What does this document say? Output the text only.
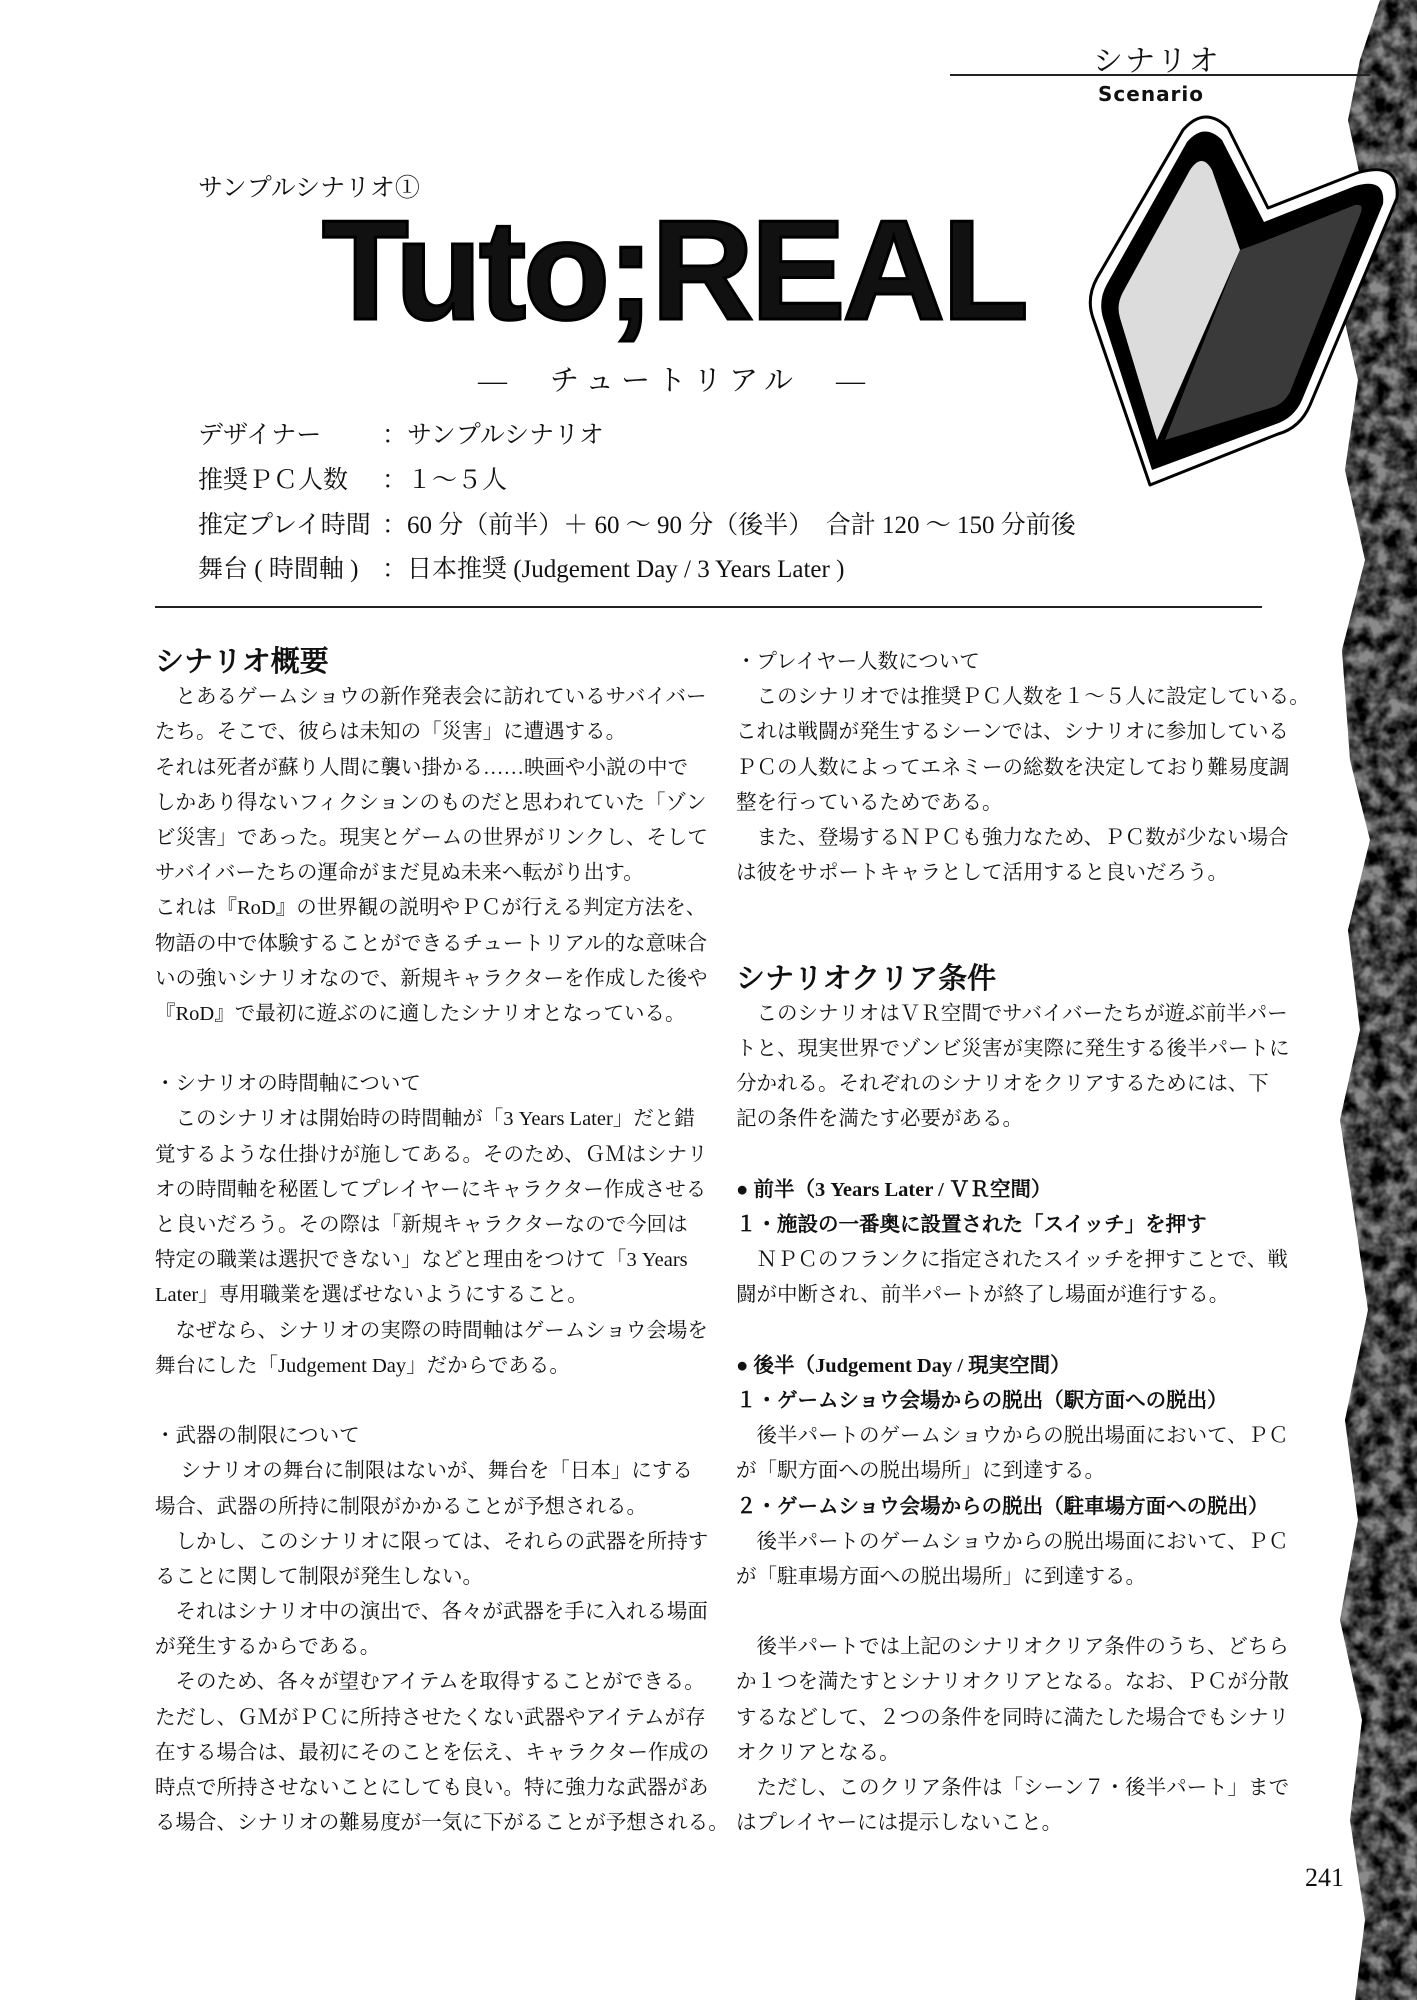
シナリオ
Scenario
サンプルシナリオ①
Tuto;REAL
―　チュートリアル　―
デザイナー ：サンプルシナリオ
推奨ＰＣ人数 ：１～５人
推定プレイ時間 ：60 分（前半）＋ 60 ～ 90 分（後半）　合計 120 ～ 150 分前後
舞台 ( 時間軸 ) ：日本推奨 (Judgement Day / 3 Years Later )
シナリオ概要
　とあるゲームショウの新作発表会に訪れているサバイバー
たち。そこで、彼らは未知の「災害」に遭遇する。
それは死者が蘇り人間に襲い掛かる……映画や小説の中で
しかあり得ないフィクションのものだと思われていた「ゾン
ビ災害」であった。現実とゲームの世界がリンクし、そして
サバイバーたちの運命がまだ見ぬ未来へ転がり出す。
これは『RoD』の世界観の説明やＰＣが行える判定方法を、
物語の中で体験することができるチュートリアル的な意味合
いの強いシナリオなので、新規キャラクターを作成した後や
『RoD』で最初に遊ぶのに適したシナリオとなっている。
・シナリオの時間軸について
　このシナリオは開始時の時間軸が「3 Years Later」だと錯
覚するような仕掛けが施してある。そのため、ＧＭはシナリ
オの時間軸を秘匿してプレイヤーにキャラクター作成させる
と良いだろう。その際は「新規キャラクターなので今回は
特定の職業は選択できない」などと理由をつけて「3 Years
Later」専用職業を選ばせないようにすること。
　なぜなら、シナリオの実際の時間軸はゲームショウ会場を
舞台にした「Judgement Day」だからである。
・武器の制限について
　 シナリオの舞台に制限はないが、舞台を「日本」にする
場合、武器の所持に制限がかかることが予想される。
　しかし、このシナリオに限っては、それらの武器を所持す
ることに関して制限が発生しない。
　それはシナリオ中の演出で、各々が武器を手に入れる場面
が発生するからである。
　そのため、各々が望むアイテムを取得することができる。
ただし、ＧＭがＰＣに所持させたくない武器やアイテムが存
在する場合は、最初にそのことを伝え、キャラクター作成の
時点で所持させないことにしても良い。特に強力な武器があ
る場合、シナリオの難易度が一気に下がることが予想される。
・プレイヤー人数について
　このシナリオでは推奨ＰＣ人数を１～５人に設定している。
これは戦闘が発生するシーンでは、シナリオに参加している
ＰＣの人数によってエネミーの総数を決定しており難易度調
整を行っているためである。
　また、登場するＮＰＣも強力なため、ＰＣ数が少ない場合
は彼をサポートキャラとして活用すると良いだろう。
シナリオクリア条件
　このシナリオはＶＲ空間でサバイバーたちが遊ぶ前半パー
トと、現実世界でゾンビ災害が実際に発生する後半パートに
分かれる。それぞれのシナリオをクリアするためには、下
記の条件を満たす必要がある。
● 前半（3 Years Later / ＶＲ空間）
１・施設の一番奥に設置された「スイッチ」を押す
　ＮＰＣのフランクに指定されたスイッチを押すことで、戦
闘が中断され、前半パートが終了し場面が進行する。
● 後半（Judgement Day / 現実空間）
１・ゲームショウ会場からの脱出（駅方面への脱出）
　後半パートのゲームショウからの脱出場面において、ＰＣ
が「駅方面への脱出場所」に到達する。
２・ゲームショウ会場からの脱出（駐車場方面への脱出）
　後半パートのゲームショウからの脱出場面において、ＰＣ
が「駐車場方面への脱出場所」に到達する。
　後半パートでは上記のシナリオクリア条件のうち、どちら
か１つを満たすとシナリオクリアとなる。なお、ＰＣが分散
するなどして、２つの条件を同時に満たした場合でもシナリ
オクリアとなる。
　ただし、このクリア条件は「シーン７・後半パート」まで
はプレイヤーには提示しないこと。
241
